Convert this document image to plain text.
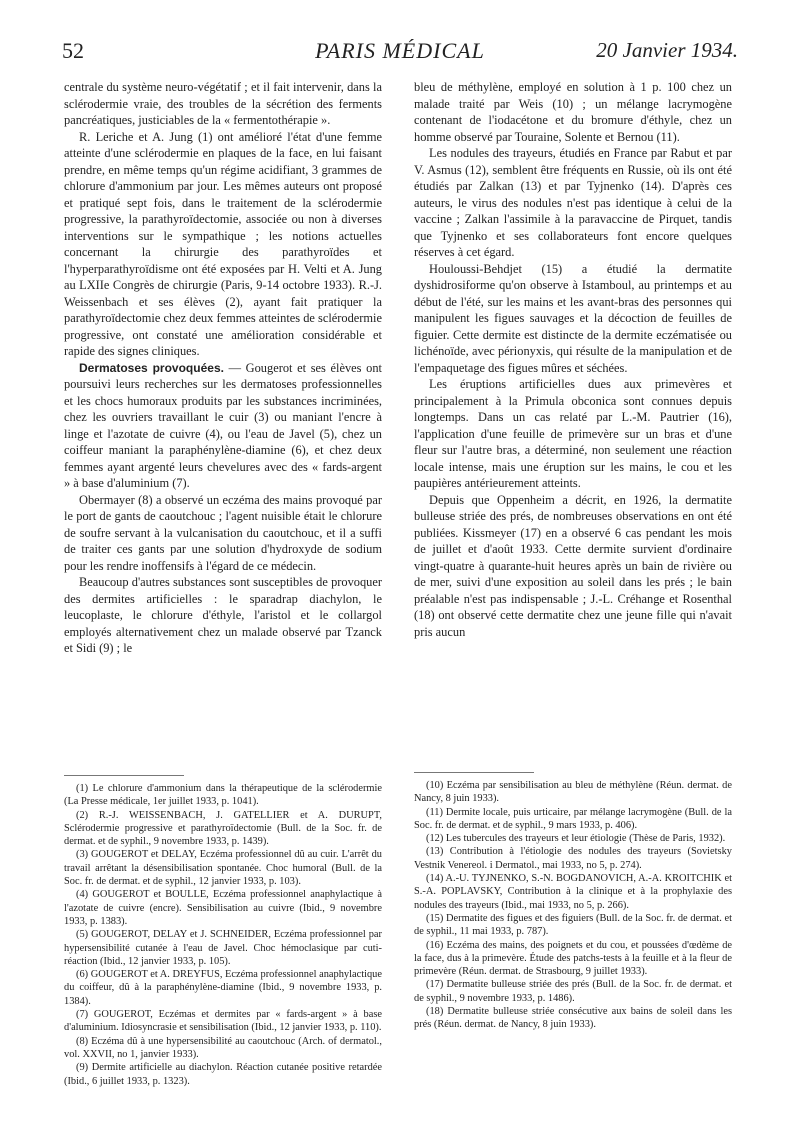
PARIS MÉDICAL
52	20 Janvier 1934.

centrale du système neuro-végétatif ; et il fait intervenir, dans la sclérodermie vraie, des troubles de la sécrétion des ferments pancréatiques, justiciables de la « fermentothérapie ».

R. Leriche et A. Jung (1) ont amélioré l'état d'une femme atteinte d'une sclérodermie en plaques de la face, en lui faisant prendre, en même temps qu'un régime acidifiant, 3 grammes de chlorure d'ammonium par jour. Les mêmes auteurs ont proposé et pratiqué sept fois, dans le traitement de la sclérodermie progressive, la parathyroïdectomie, associée ou non à diverses interventions sur le sympathique ; les notions actuelles concernant la chirurgie des parathyroïdes et l'hyperparathyroïdisme ont été exposées par H. Velti et A. Jung au LXIIe Congrès de chirurgie (Paris, 9-14 octobre 1933). R.-J. Weissenbach et ses élèves (2), ayant fait pratiquer la parathyroïdectomie chez deux femmes atteintes de sclérodermie progressive, ont constaté une amélioration considérable et rapide des signes cliniques.

Dermatoses provoquées. — Gougerot et ses élèves ont poursuivi leurs recherches sur les dermatoses professionnelles et les chocs humoraux produits par les substances incriminées, chez les ouvriers travaillant le cuir (3) ou maniant l'encre à linge et l'azotate de cuivre (4), ou l'eau de Javel (5), chez un coiffeur maniant la paraphénylène-diamine (6), et chez deux femmes ayant argenté leurs chevelures avec des « fards-argent » à base d'aluminium (7).

Obermayer (8) a observé un eczéma des mains provoqué par le port de gants de caoutchouc ; l'agent nuisible était le chlorure de soufre servant à la vulcanisation du caoutchouc, et il a suffi de traiter ces gants par une solution d'hydroxyde de sodium pour les rendre inoffensifs à l'égard de ce médecin.

Beaucoup d'autres substances sont susceptibles de provoquer des dermites artificielles : le sparadrap diachylon, le leucoplaste, le chlorure d'éthyle, l'aristol et le collargol employés alternativement chez un malade observé par Tzanck et Sidi (9) ; le

bleu de méthylène, employé en solution à 1 p. 100 chez un malade traité par Weis (10) ; un mélange lacrymogène contenant de l'iodacétone et du bromure d'éthyle, chez un homme observé par Touraine, Solente et Bernou (11).

Les nodules des trayeurs, étudiés en France par Rabut et par V. Asmus (12), semblent être fréquents en Russie, où ils ont été étudiés par Zalkan (13) et par Tyjnenko (14). D'après ces auteurs, le virus des nodules n'est pas identique à celui de la vaccine ; Zalkan l'assimile à la paravaccine de Pirquet, tandis que Tyjnenko et ses collaborateurs font encore quelques réserves à cet égard.

Houloussi-Behdjet (15) a étudié la dermatite dyshidrosiforme qu'on observe à Istamboul, au printemps et au début de l'été, sur les mains et les avant-bras des personnes qui manipulent les figues sauvages et la décoction de feuilles de figuier. Cette dermite est distincte de la dermite eczématisée ou lichénoïde, avec périonyxis, qui résulte de la manipulation et de l'empaquetage des figues mûres et séchées.

Les éruptions artificielles dues aux primevères et principalement à la Primula obconica sont connues depuis longtemps. Dans un cas relaté par L.-M. Pautrier (16), l'application d'une feuille de primevère sur un bras et d'une fleur sur l'autre bras, a déterminé, non seulement une réaction locale intense, mais une éruption sur les mains, le cou et les paupières antérieurement atteints.

Depuis que Oppenheim a décrit, en 1926, la dermatite bulleuse striée des prés, de nombreuses observations en ont été publiées. Kissmeyer (17) en a observé 6 cas pendant les mois de juillet et d'août 1933. Cette dermite survient d'ordinaire vingt-quatre à quarante-huit heures après un bain de rivière ou de mer, suivi d'une exposition au soleil dans les prés ; le bain préalable n'est pas indispensable ; J.-L. Créhange et Rosenthal (18) ont observé cette dermatite chez une jeune fille qui n'avait pris aucun

(1) Le chlorure d'ammonium dans la thérapeutique de la sclérodermie (La Presse médicale, 1er juillet 1933, p. 1041).

(2) R.-J. WEISSENBACH, J. GATELLIER et A. DURUPT, Sclérodermie progressive et parathyroïdectomie (Bull. de la Soc. fr. de dermat. et de syphil., 9 novembre 1933, p. 1439).

(3) GOUGEROT et DELAY, Eczéma professionnel dû au cuir. L'arrêt du travail arrêtant la désensibilisation spontanée. Choc humoral (Bull. de la Soc. fr. de dermat. et de syphil., 12 janvier 1933, p. 103).

(4) GOUGEROT et BOULLE, Eczéma professionnel anaphylactique à l'azotate de cuivre (encre). Sensibilisation au cuivre (Ibid., 9 novembre 1933, p. 1383).

(5) GOUGEROT, DELAY et J. SCHNEIDER, Eczéma professionnel par hypersensibilité cutanée à l'eau de Javel. Choc hémoclasique par cuti-réaction (Ibid., 12 janvier 1933, p. 105).

(6) GOUGEROT et A. DREYFUS, Eczéma professionnel anaphylactique du coiffeur, dû à la paraphénylène-diamine (Ibid., 9 novembre 1933, p. 1384).

(7) GOUGEROT, Eczémas et dermites par « fards-argent » à base d'aluminium. Idiosyncrasie et sensibilisation (Ibid., 12 janvier 1933, p. 110).

(8) Eczéma dû à une hypersensibilité au caoutchouc (Arch. of dermatol., vol. XXVII, no 1, janvier 1933).

(9) Dermite artificielle au diachylon. Réaction cutanée positive retardée (Ibid., 6 juillet 1933, p. 1323).

(10) Eczéma par sensibilisation au bleu de méthylène (Réun. dermat. de Nancy, 8 juin 1933).

(11) Dermite locale, puis urticaire, par mélange lacrymogène (Bull. de la Soc. fr. de dermat. et de syphil., 9 mars 1933, p. 406).

(12) Les tubercules des trayeurs et leur étiologie (Thèse de Paris, 1932).

(13) Contribution à l'étiologie des nodules des trayeurs (Sovietsky Vestnik Venereol. i Dermatol., mai 1933, no 5, p. 274).

(14) A.-U. TYJNENKO, S.-N. BOGDANOVICH, A.-A. KROITCHIK et S.-A. POPLAVSKY, Contribution à la clinique et à la prophylaxie des nodules des trayeurs (Ibid., mai 1933, no 5, p. 266).

(15) Dermatite des figues et des figuiers (Bull. de la Soc. fr. de dermat. et de syphil., 11 mai 1933, p. 787).

(16) Eczéma des mains, des poignets et du cou, et poussées d'œdème de la face, dus à la primevère. Étude des patchs-tests à la feuille et à la fleur de primevère (Réun. dermat. de Strasbourg, 9 juillet 1933).

(17) Dermatite bulleuse striée des prés (Bull. de la Soc. fr. de dermat. et de syphil., 9 novembre 1933, p. 1486).

(18) Dermatite bulleuse striée consécutive aux bains de soleil dans les prés (Réun. dermat. de Nancy, 8 juin 1933).
